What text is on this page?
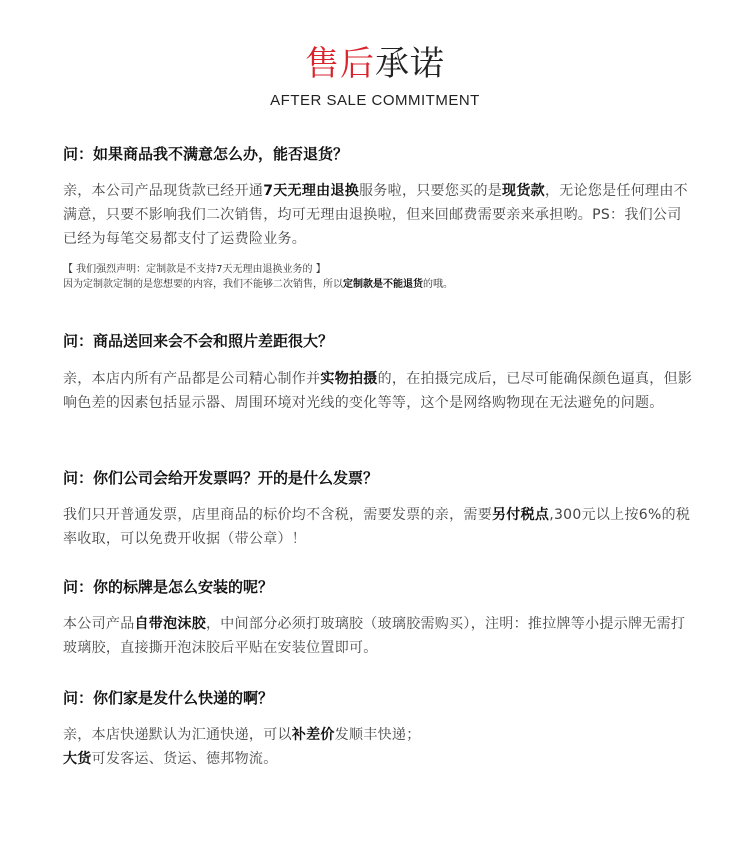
售后承诺
AFTER SALE COMMITMENT

问：如果商品我不满意怎么办，能否退货？

亲，本公司产品现货款已经开通7天无理由退换服务啦，只要您买的是现货款，无论您是任何理由不满意，只要不影响我们二次销售，均可无理由退换啦，但来回邮费需要亲来承担哟。PS：我们公司已经为每笔交易都支付了运费险业务。

【 我们强烈声明：定制款是不支持7天无理由退换业务的 】

因为定制款定制的是您想要的内容，我们不能够二次销售，所以定制款是不能退货的哦。

问：商品送回来会不会和照片差距很大？

亲，本店内所有产品都是公司精心制作并实物拍摄的，在拍摄完成后，已尽可能确保颜色逼真，但影响色差的因素包括显示器、周围环境对光线的变化等等，这个是网络购物现在无法避免的问题。

问：你们公司会给开发票吗？开的是什么发票？

我们只开普通发票，店里商品的标价均不含税，需要发票的亲，需要另付税点,300元以上按6%的税率收取，可以免费开收据（带公章）！

问：你的标牌是怎么安装的呢？

本公司产品自带泡沫胶，中间部分必须打玻璃胶（玻璃胶需购买），注明：推拉牌等小提示牌无需打玻璃胶，直接撕开泡沫胶后平贴在安装位置即可。

问：你们家是发什么快递的啊？

亲，本店快递默认为汇通快递，可以补差价发顺丰快递；

大货可发客运、货运、德邦物流。
